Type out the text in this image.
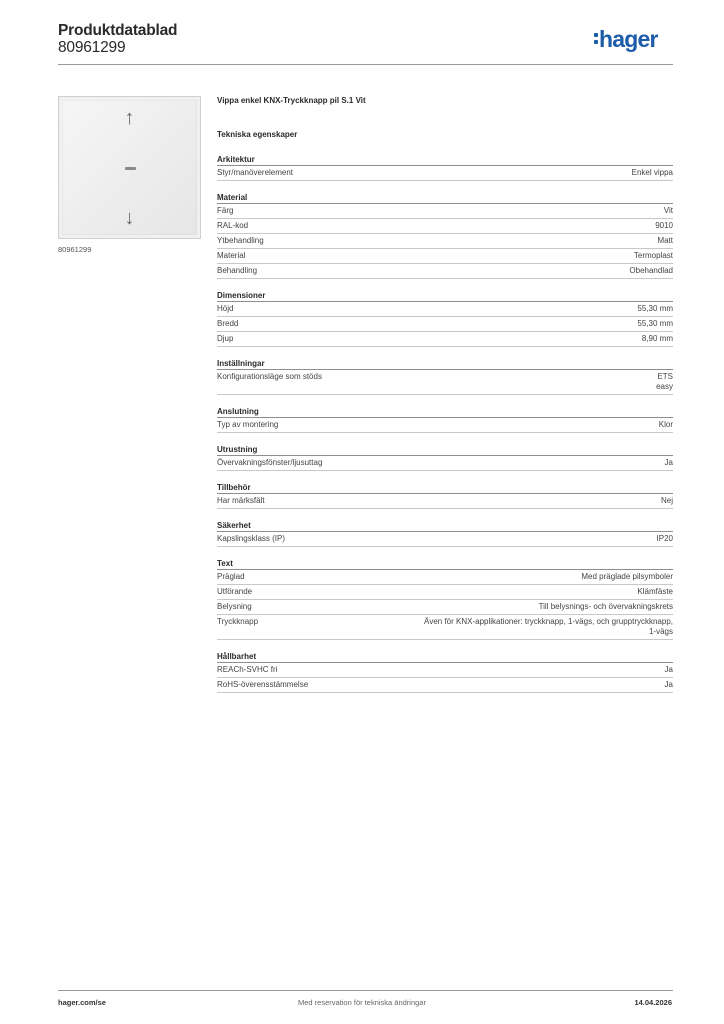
Produktdatablad
80961299	hager
↑
↓
80961299
Vippa enkel KNX-Tryckknapp pil S.1 Vit
Tekniska egenskaper
Arkitektur
Styr/manöverelement	Enkel vippa
Material
Färg	Vit
RAL-kod	9010
Ytbehandling	Matt
Material	Termoplast
Behandling	Obehandlad
Dimensioner
Höjd	55,30 mm
Bredd	55,30 mm
Djup	8,90 mm
Inställningar
Konfigurationsläge som stöds	ETS
easy
Anslutning
Typ av montering	Klor
Utrustning
Övervakningsfönster/ljusuttag	Ja
Tillbehör
Har märksfält	Nej
Säkerhet
Kapslingsklass (IP)	IP20
Text
Präglad	Med präglade pilsymboler
Utförande	Klämfäste
Belysning	Till belysnings- och övervakningskrets
Tryckknapp	Även för KNX-applikationer: tryckknapp, 1-vägs, och grupptryckknapp,
1-vägs
Hållbarhet
REACh-SVHC fri	Ja
RoHS-överensstämmelse	Ja
hager.com/se	Med reservation för tekniska ändringar	14.04.2026
